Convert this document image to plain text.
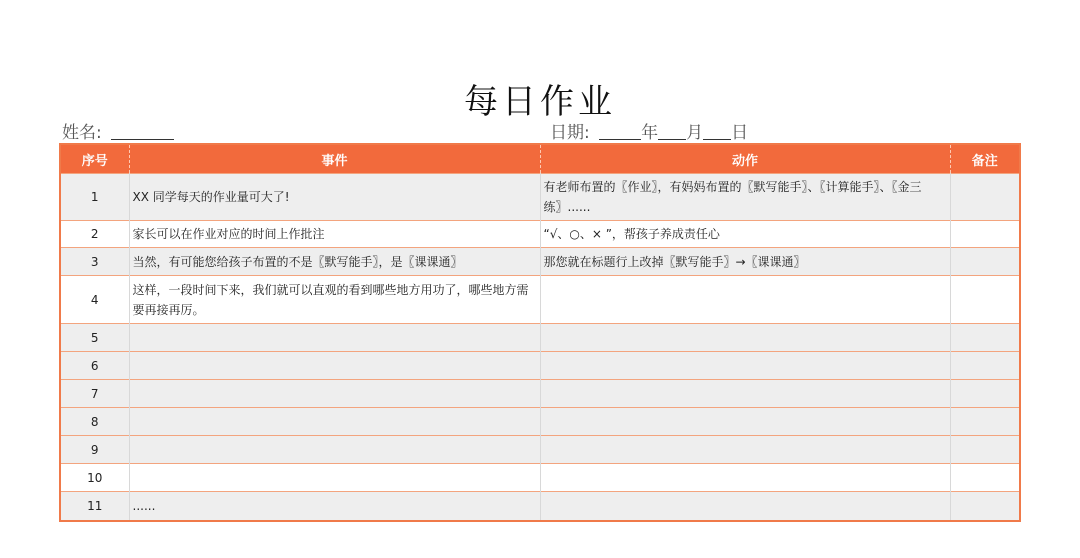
每日作业
姓名:	日期:	年 月 日
序号	事件	动作	备注
1	XX 同学每天的作业量可大了!	有老师布置的〖作业〗，有妈妈布置的〖默写能手〗、〖计算能手〗、〖金三练〗......	
2	家长可以在作业对应的时间上作批注	“√、○、× ”，帮孩子养成责任心	
3	当然，有可能您给孩子布置的不是〖默写能手〗，是〖课课通〗	那您就在标题行上改掉〖默写能手〗→〖课课通〗	
4	这样，一段时间下来，我们就可以直观的看到哪些地方用功了，哪些地方需要再接再厉。		
5			
6			
7			
8			
9			
10			
11	......		
